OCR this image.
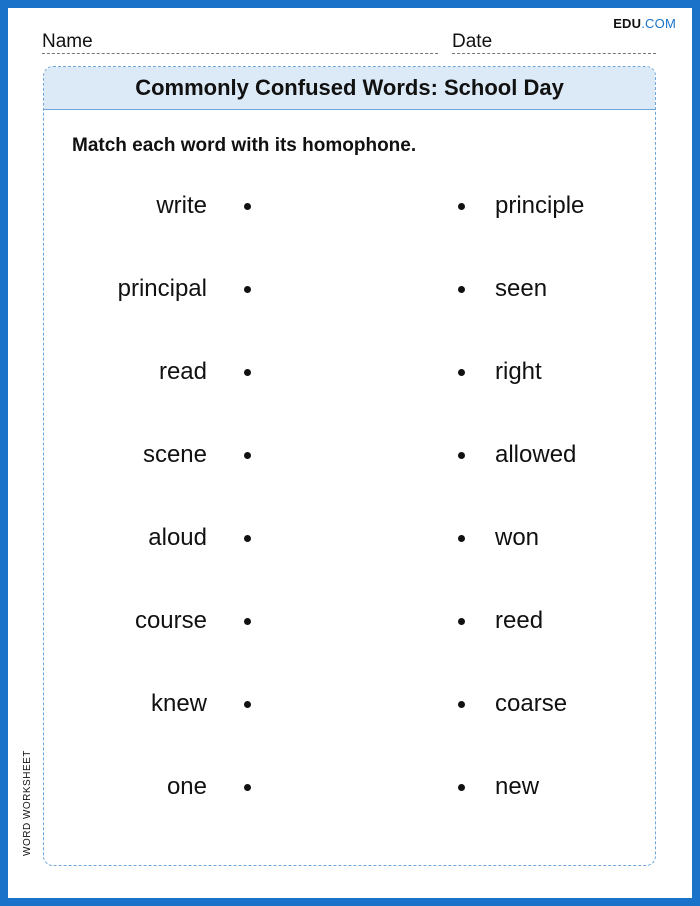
EDU.COM
Name	Date
Commonly Confused Words: School Day
Match each word with its homophone.
write	principle
principal	seen
read	right
scene	allowed
aloud	won
course	reed
knew	coarse
one	new
WORD WORKSHEET
